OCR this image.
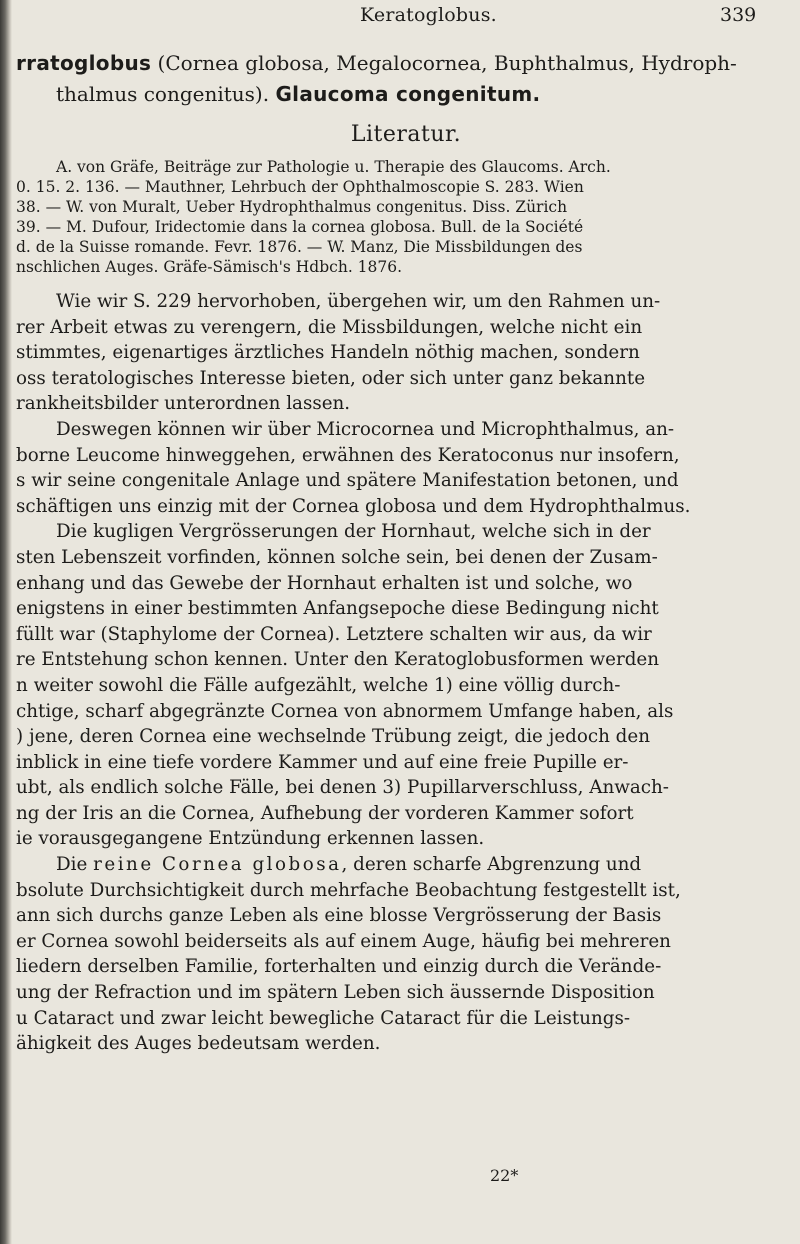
Keratoglobus.	339
rratoglobus (Cornea globosa, Megalocornea, Buphthalmus, Hydroph-
thalmus congenitus). Glaucoma congenitum.
Literatur.
A. von Gräfe, Beiträge zur Pathologie u. Therapie des Glaucoms. Arch.
0. 15. 2. 136. — Mauthner, Lehrbuch der Ophthalmoscopie S. 283. Wien
38. — W. von Muralt, Ueber Hydrophthalmus congenitus. Diss. Zürich
39. — M. Dufour, Iridectomie dans la cornea globosa. Bull. de la Société
d. de la Suisse romande. Fevr. 1876. — W. Manz, Die Missbildungen des
nschlichen Auges. Gräfe-Sämisch's Hdbch. 1876.
Wie wir S. 229 hervorhoben, übergehen wir, um den Rahmen un-
rer Arbeit etwas zu verengern, die Missbildungen, welche nicht ein
stimmtes, eigenartiges ärztliches Handeln nöthig machen, sondern
oss teratologisches Interesse bieten, oder sich unter ganz bekannte
rankheitsbilder unterordnen lassen.
Deswegen können wir über Microcornea und Microphthalmus, an-
borne Leucome hinweggehen, erwähnen des Keratoconus nur insofern,
s wir seine congenitale Anlage und spätere Manifestation betonen, und
schäftigen uns einzig mit der Cornea globosa und dem Hydrophthalmus.
Die kugligen Vergrösserungen der Hornhaut, welche sich in der
sten Lebenszeit vorfinden, können solche sein, bei denen der Zusam-
enhang und das Gewebe der Hornhaut erhalten ist und solche, wo
enigstens in einer bestimmten Anfangsepoche diese Bedingung nicht
füllt war (Staphylome der Cornea). Letztere schalten wir aus, da wir
re Entstehung schon kennen. Unter den Keratoglobusformen werden
n weiter sowohl die Fälle aufgezählt, welche 1) eine völlig durch-
chtige, scharf abgegränzte Cornea von abnormem Umfange haben, als
) jene, deren Cornea eine wechselnde Trübung zeigt, die jedoch den
inblick in eine tiefe vordere Kammer und auf eine freie Pupille er-
ubt, als endlich solche Fälle, bei denen 3) Pupillarverschluss, Anwach-
ng der Iris an die Cornea, Aufhebung der vorderen Kammer sofort
ie vorausgegangene Entzündung erkennen lassen.
Die reine Cornea globosa, deren scharfe Abgrenzung und
bsolute Durchsichtigkeit durch mehrfache Beobachtung festgestellt ist,
ann sich durchs ganze Leben als eine blosse Vergrösserung der Basis
er Cornea sowohl beiderseits als auf einem Auge, häufig bei mehreren
liedern derselben Familie, forterhalten und einzig durch die Verände-
ung der Refraction und im spätern Leben sich äussernde Disposition
u Cataract und zwar leicht bewegliche Cataract für die Leistungs-
ähigkeit des Auges bedeutsam werden.
22*
